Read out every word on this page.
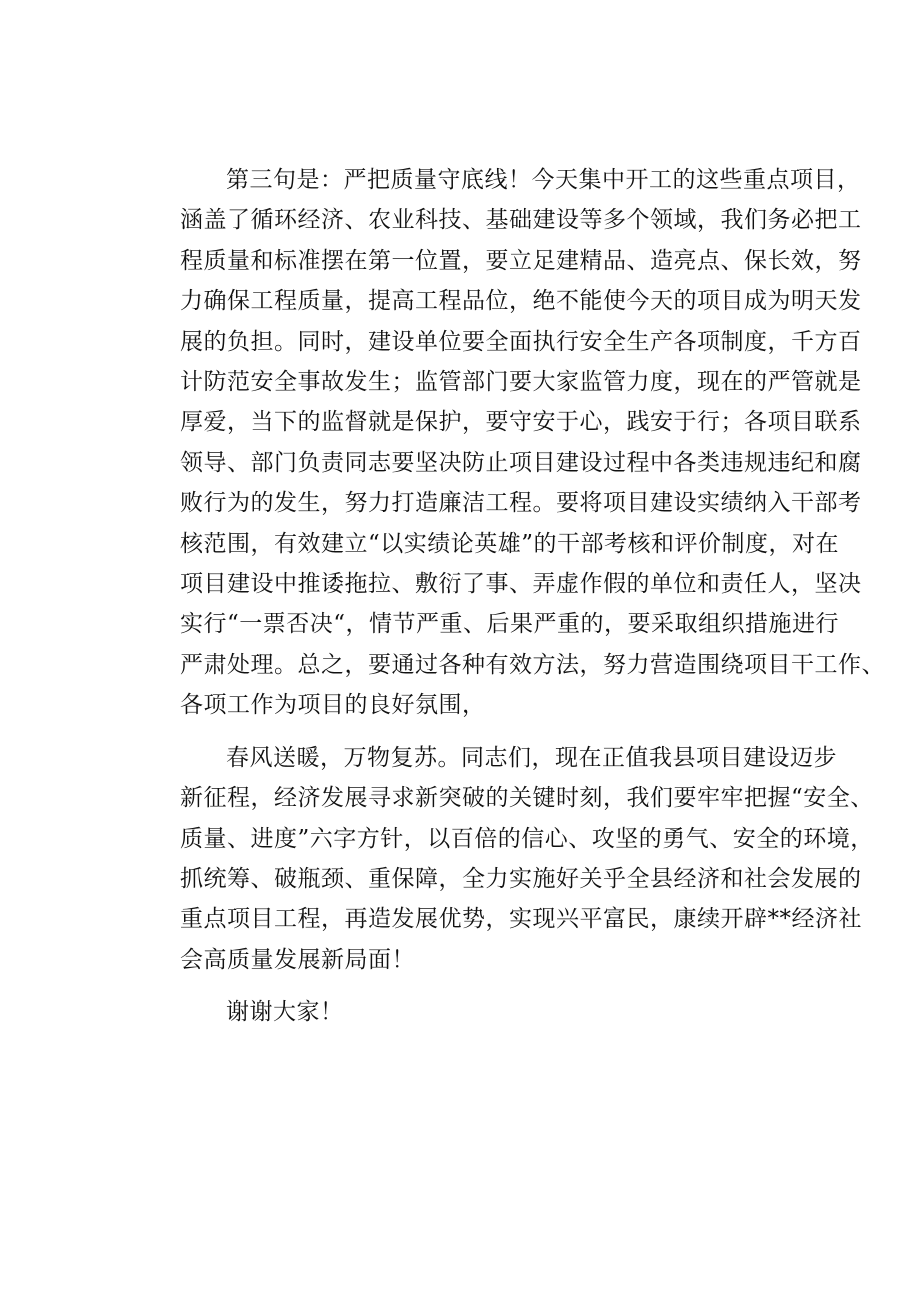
第三句是：严把质量守底线！今天集中开工的这些重点项目，
涵盖了循环经济、农业科技、基础建设等多个领域，我们务必把工
程质量和标准摆在第一位置，要立足建精品、造亮点、保长效，努
力确保工程质量，提高工程品位，绝不能使今天的项目成为明天发
展的负担。同时，建设单位要全面执行安全生产各项制度，千方百
计防范安全事故发生；监管部门要大家监管力度，现在的严管就是
厚爱，当下的监督就是保护，要守安于心，践安于行；各项目联系
领导、部门负责同志要坚决防止项目建设过程中各类违规违纪和腐
败行为的发生，努力打造廉洁工程。要将项目建设实绩纳入干部考
核范围，有效建立“以实绩论英雄”的干部考核和评价制度，对在
项目建设中推诿拖拉、敷衍了事、弄虚作假的单位和责任人，坚决
实行“一票否决“，情节严重、后果严重的，要采取组织措施进行
严肃处理。总之，要通过各种有效方法，努力营造围绕项目干工作、
各项工作为项目的良好氛围，

春风送暖，万物复苏。同志们，现在正值我县项目建设迈步
新征程，经济发展寻求新突破的关键时刻，我们要牢牢把握“安全、
质量、进度”六字方针，以百倍的信心、攻坚的勇气、安全的环境，
抓统筹、破瓶颈、重保障，全力实施好关乎全县经济和社会发展的
重点项目工程，再造发展优势，实现兴平富民，康续开辟**经济社
会高质量发展新局面！

谢谢大家！
